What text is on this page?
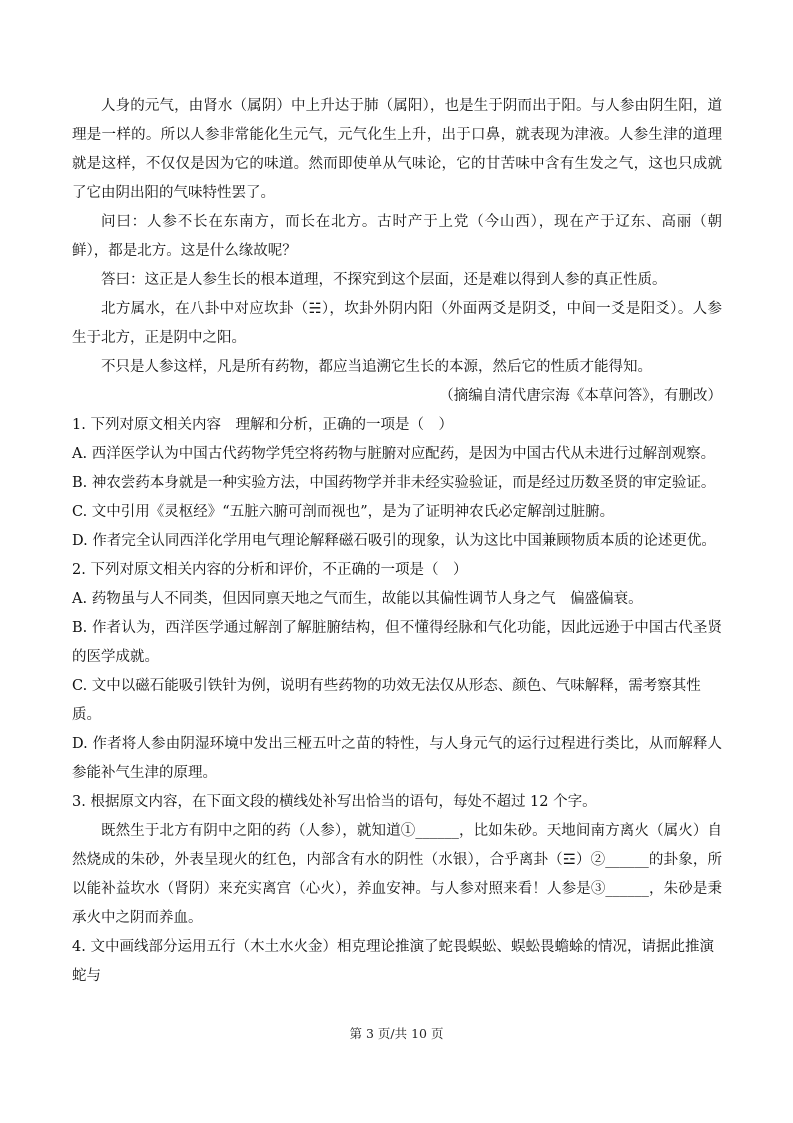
人身的元气，由肾水（属阴）中上升达于肺（属阳），也是生于阴而出于阳。与人参由阴生阳，道理是一样的。所以人参非常能化生元气，元气化生上升，出于口鼻，就表现为津液。人参生津的道理就是这样，不仅仅是因为它的味道。然而即使单从气味论，它的甘苦味中含有生发之气，这也只成就了它由阴出阳的气味特性罢了。

问曰：人参不长在东南方，而长在北方。古时产于上党（今山西），现在产于辽东、高丽（朝鲜），都是北方。这是什么缘故呢？

答曰：这正是人参生长的根本道理，不探究到这个层面，还是难以得到人参的真正性质。

北方属水，在八卦中对应坎卦（☵），坎卦外阴内阳（外面两爻是阴爻，中间一爻是阳爻）。人参生于北方，正是阴中之阳。

不只是人参这样，凡是所有药物，都应当追溯它生长的本源，然后它的性质才能得知。

（摘编自清代唐宗海《本草问答》，有删改）

1. 下列对原文相关内容　理解和分析，正确的一项是（　）

A. 西洋医学认为中国古代药物学凭空将药物与脏腑对应配药，是因为中国古代从未进行过解剖观察。

B. 神农尝药本身就是一种实验方法，中国药物学并非未经实验验证，而是经过历数圣贤的审定验证。

C. 文中引用《灵枢经》“五脏六腑可剖而视也”，是为了证明神农氏必定解剖过脏腑。

D. 作者完全认同西洋化学用电气理论解释磁石吸引的现象，认为这比中国兼顾物质本质的论述更优。

2. 下列对原文相关内容的分析和评价，不正确的一项是（　）

A. 药物虽与人不同类，但因同禀天地之气而生，故能以其偏性调节人身之气　偏盛偏衰。

B. 作者认为，西洋医学通过解剖了解脏腑结构，但不懂得经脉和气化功能，因此远逊于中国古代圣贤的医学成就。

C. 文中以磁石能吸引铁针为例，说明有些药物的功效无法仅从形态、颜色、气味解释，需考察其性质。

D. 作者将人参由阴湿环境中发出三桠五叶之苗的特性，与人身元气的运行过程进行类比，从而解释人参能补气生津的原理。

3. 根据原文内容，在下面文段的横线处补写出恰当的语句，每处不超过 12 个字。

既然生于北方有阴中之阳的药（人参），就知道①______，比如朱砂。天地间南方离火（属火）自然烧成的朱砂，外表呈现火的红色，内部含有水的阴性（水银），合乎离卦（☲）②______的卦象，所以能补益坎水（肾阴）来充实离宫（心火），养血安神。与人参对照来看！人参是③______，朱砂是秉承火中之阴而养血。

4. 文中画线部分运用五行（木土水火金）相克理论推演了蛇畏蜈蚣、蜈蚣畏蟾蜍的情况，请据此推演蛇与

第 3 页/共 10 页
